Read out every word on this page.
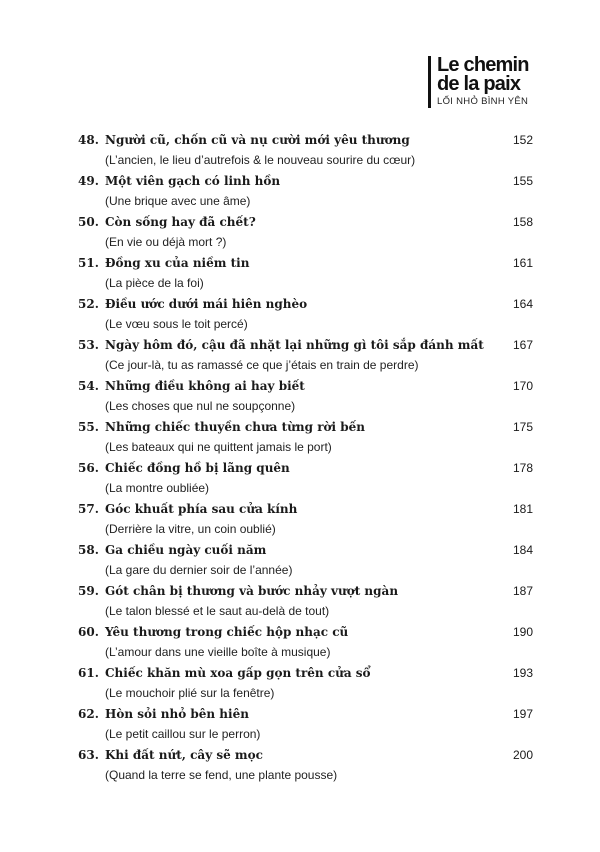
Le chemin
de la paix
LỐI NHỎ BÌNH YÊN
48. Người cũ, chốn cũ và nụ cười mới yêu thương	152
(L’ancien, le lieu d’autrefois & le nouveau sourire du cœur)
49. Một viên gạch có linh hồn	155
(Une brique avec une âme)
50. Còn sống hay đã chết?	158
(En vie ou déjà mort ?)
51. Đồng xu của niềm tin	161
(La pièce de la foi)
52. Điều ước dưới mái hiên nghèo	164
(Le vœu sous le toit percé)
53. Ngày hôm đó, cậu đã nhặt lại những gì tôi sắp đánh mất 167
(Ce jour-là, tu as ramassé ce que j’étais en train de perdre)
54. Những điều không ai hay biết	170
(Les choses que nul ne soupçonne)
55. Những chiếc thuyền chưa từng rời bến	175
(Les bateaux qui ne quittent jamais le port)
56. Chiếc đồng hồ bị lãng quên	178
(La montre oubliée)
57. Góc khuất phía sau cửa kính	181
(Derrière la vitre, un coin oublié)
58. Ga chiều ngày cuối năm	184
(La gare du dernier soir de l’année)
59. Gót chân bị thương và bước nhảy vượt ngàn	187
(Le talon blessé et le saut au-delà de tout)
60. Yêu thương trong chiếc hộp nhạc cũ	190
(L’amour dans une vieille boîte à musique)
61. Chiếc khăn mù xoa gấp gọn trên cửa sổ	193
(Le mouchoir plié sur la fenêtre)
62. Hòn sỏi nhỏ bên hiên	197
(Le petit caillou sur le perron)
63. Khi đất nứt, cây sẽ mọc	200
(Quand la terre se fend, une plante pousse)
